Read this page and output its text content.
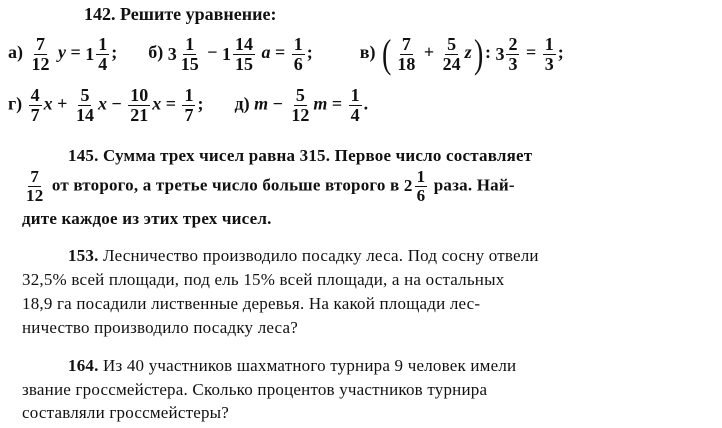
142. Решите уравнение:
$а) \frac{7}{12}$ $y = 1 \frac{1}{4}$ ; б) $3 \frac{1}{15} - 1 \frac{14}{15}$ $a = \frac{1}{6}$ ;	в) ( $\frac{7}{18} + \frac{5}{24} z$) : $3 \frac{2}{3} = \frac{1}{3}$ ;
$г) \frac{4}{7}$ $x + \frac{5}{14}$ $x - \frac{10}{21}$ $x = \frac{1}{7}$ ; д) $m - \frac{5}{12}$ $m = \frac{1}{4}$ .
145. Сумма трех чисел равна 315. Первое число составляет
$\frac{7}{12}$ от второго, а третье число больше второго в $2 \frac{1}{6}$ раза. Най-
дите каждое из этих трех чисел.
153. Лесничество производило посадку леса. Под сосну отвели
32,5% всей площади, под ель 15% всей площади, а на остальных
18,9 га посадили лиственные деревья. На какой площади лес-
ничество производило посадку леса?
164. Из 40 участников шахматного турнира 9 человек имели
звание гроссмейстера. Сколько процентов участников турнира
составляли гроссмейстеры?
